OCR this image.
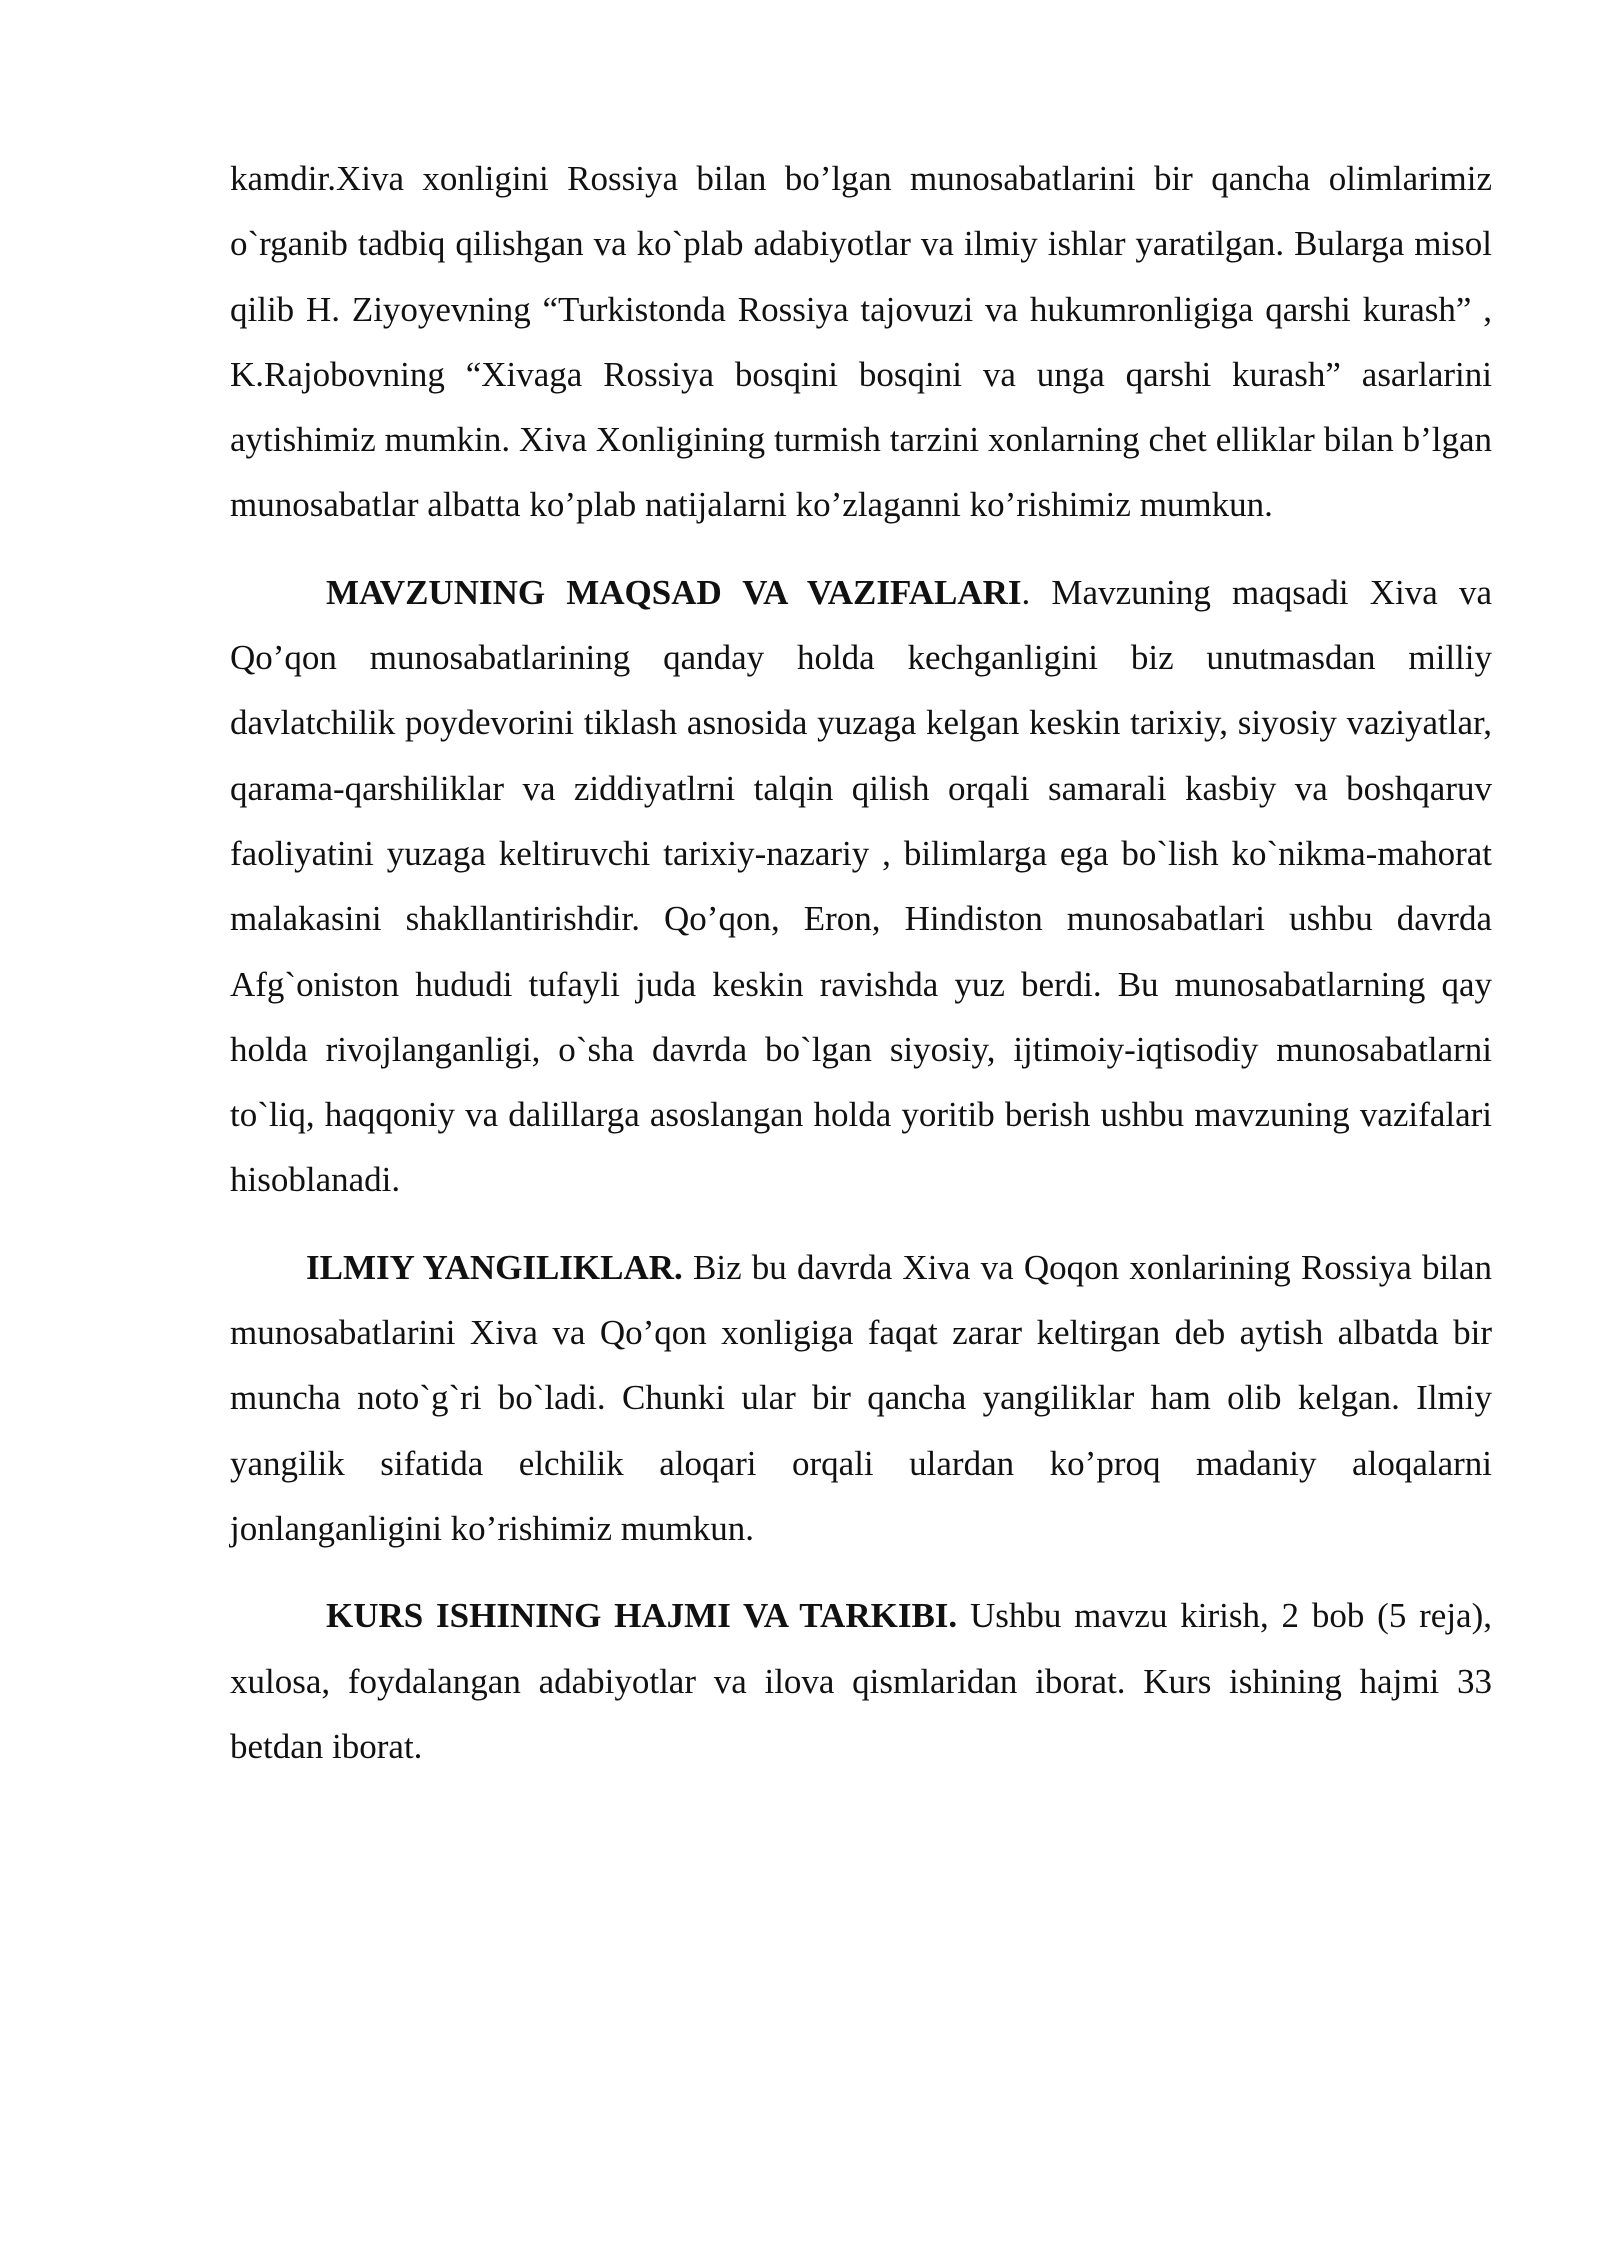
kamdir.Xiva xonligini Rossiya bilan bo’lgan munosabatlarini bir qancha olimlarimiz o`rganib tadbiq qilishgan va ko`plab adabiyotlar va ilmiy ishlar yaratilgan. Bularga misol qilib H. Ziyoyevning “Turkistonda Rossiya tajovuzi va hukumronligiga qarshi kurash” , K.Rajobovning “Xivaga Rossiya bosqini bosqini va unga qarshi kurash” asarlarini aytishimiz mumkin. Xiva Xonligining turmish tarzini xonlarning chet elliklar bilan b’lgan munosabatlar albatta ko’plab natijalarni ko’zlaganni ko’rishimiz mumkun.

MAVZUNING MAQSAD VA VAZIFALARI. Mavzuning maqsadi Xiva va Qo’qon munosabatlarining qanday holda kechganligini biz unutmasdan milliy davlatchilik poydevorini tiklash asnosida yuzaga kelgan keskin tarixiy, siyosiy vaziyatlar, qarama-qarshiliklar va ziddiyatlrni talqin qilish orqali samarali kasbiy va boshqaruv faoliyatini yuzaga keltiruvchi tarixiy-nazariy , bilimlarga ega bo`lish ko`nikma-mahorat malakasini shakllantirishdir. Qo’qon, Eron, Hindiston munosabatlari ushbu davrda Afg`oniston hududi tufayli juda keskin ravishda yuz berdi. Bu munosabatlarning qay holda rivojlanganligi, o`sha davrda bo`lgan siyosiy, ijtimoiy-iqtisodiy munosabatlarni to`liq, haqqoniy va dalillarga asoslangan holda yoritib berish ushbu mavzuning vazifalari hisoblanadi.

ILMIY YANGILIKLAR. Biz bu davrda Xiva va Qoqon xonlarining Rossiya bilan munosabatlarini Xiva va Qo’qon xonligiga faqat zarar keltirgan deb aytish albatda bir muncha noto`g`ri bo`ladi. Chunki ular bir qancha yangiliklar ham olib kelgan. Ilmiy yangilik sifatida elchilik aloqari orqali ulardan ko’proq madaniy aloqalarni jonlanganligini ko’rishimiz mumkun.

KURS ISHINING HAJMI VA TARKIBI. Ushbu mavzu kirish, 2 bob (5 reja), xulosa, foydalangan adabiyotlar va ilova qismlaridan iborat. Kurs ishining hajmi 33 betdan iborat.
